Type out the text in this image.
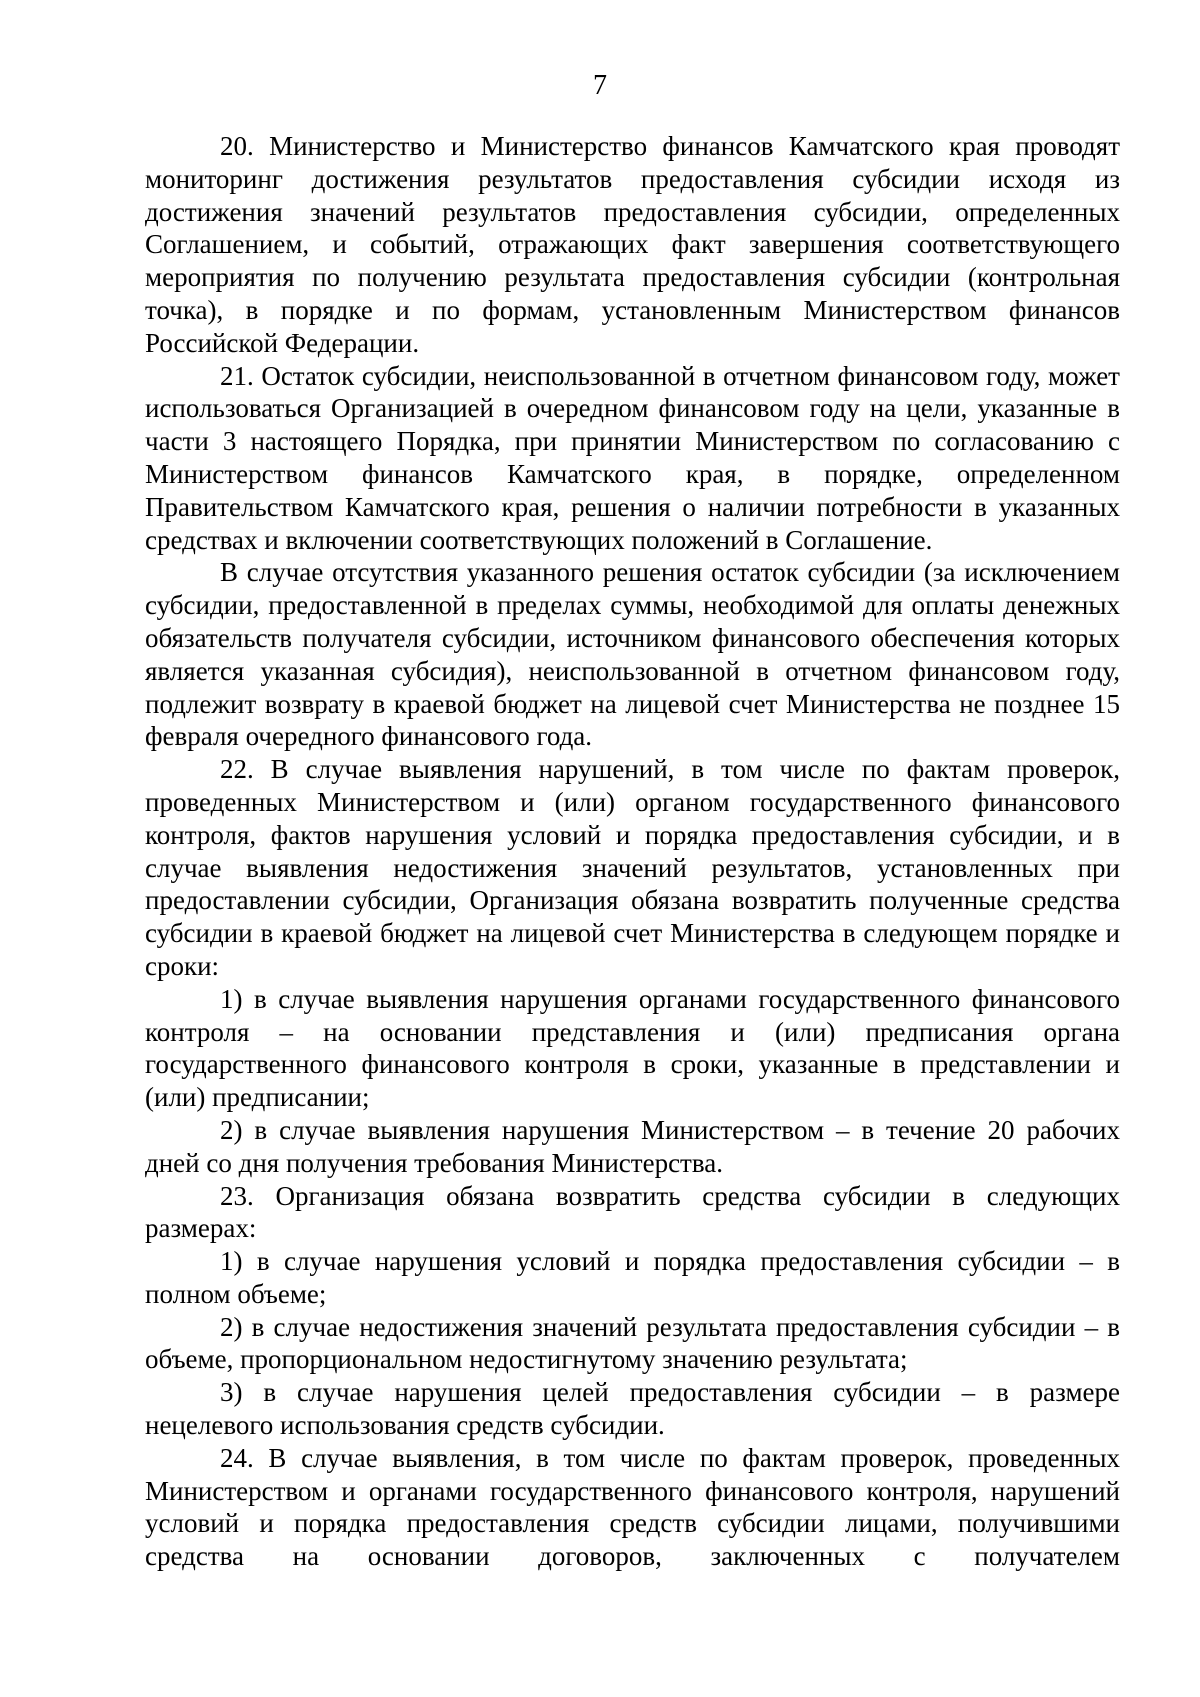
7

20. Министерство и Министерство финансов Камчатского края проводят мониторинг достижения результатов предоставления субсидии исходя из достижения значений результатов предоставления субсидии, определенных Соглашением, и событий, отражающих факт завершения соответствующего мероприятия по получению результата предоставления субсидии (контрольная точка), в порядке и по формам, установленным Министерством финансов Российской Федерации.

21. Остаток субсидии, неиспользованной в отчетном финансовом году, может использоваться Организацией в очередном финансовом году на цели, указанные в части 3 настоящего Порядка, при принятии Министерством по согласованию с Министерством финансов Камчатского края, в порядке, определенном Правительством Камчатского края, решения о наличии потребности в указанных средствах и включении соответствующих положений в Соглашение.

В случае отсутствия указанного решения остаток субсидии (за исключением субсидии, предоставленной в пределах суммы, необходимой для оплаты денежных обязательств получателя субсидии, источником финансового обеспечения которых является указанная субсидия), неиспользованной в отчетном финансовом году, подлежит возврату в краевой бюджет на лицевой счет Министерства не позднее 15 февраля очередного финансового года.

22. В случае выявления нарушений, в том числе по фактам проверок, проведенных Министерством и (или) органом государственного финансового контроля, фактов нарушения условий и порядка предоставления субсидии, и в случае выявления недостижения значений результатов, установленных при предоставлении субсидии, Организация обязана возвратить полученные средства субсидии в краевой бюджет на лицевой счет Министерства в следующем порядке и сроки:

1) в случае выявления нарушения органами государственного финансового контроля – на основании представления и (или) предписания органа государственного финансового контроля в сроки, указанные в представлении и (или) предписании;

2) в случае выявления нарушения Министерством – в течение 20 рабочих дней со дня получения требования Министерства.

23. Организация обязана возвратить средства субсидии в следующих размерах:

1) в случае нарушения условий и порядка предоставления субсидии – в полном объеме;

2) в случае недостижения значений результата предоставления субсидии – в объеме, пропорциональном недостигнутому значению результата;

3) в случае нарушения целей предоставления субсидии – в размере нецелевого использования средств субсидии.

24. В случае выявления, в том числе по фактам проверок, проведенных Министерством и органами государственного финансового контроля, нарушений условий и порядка предоставления средств субсидии лицами, получившими средства на основании договоров, заключенных с получателем
